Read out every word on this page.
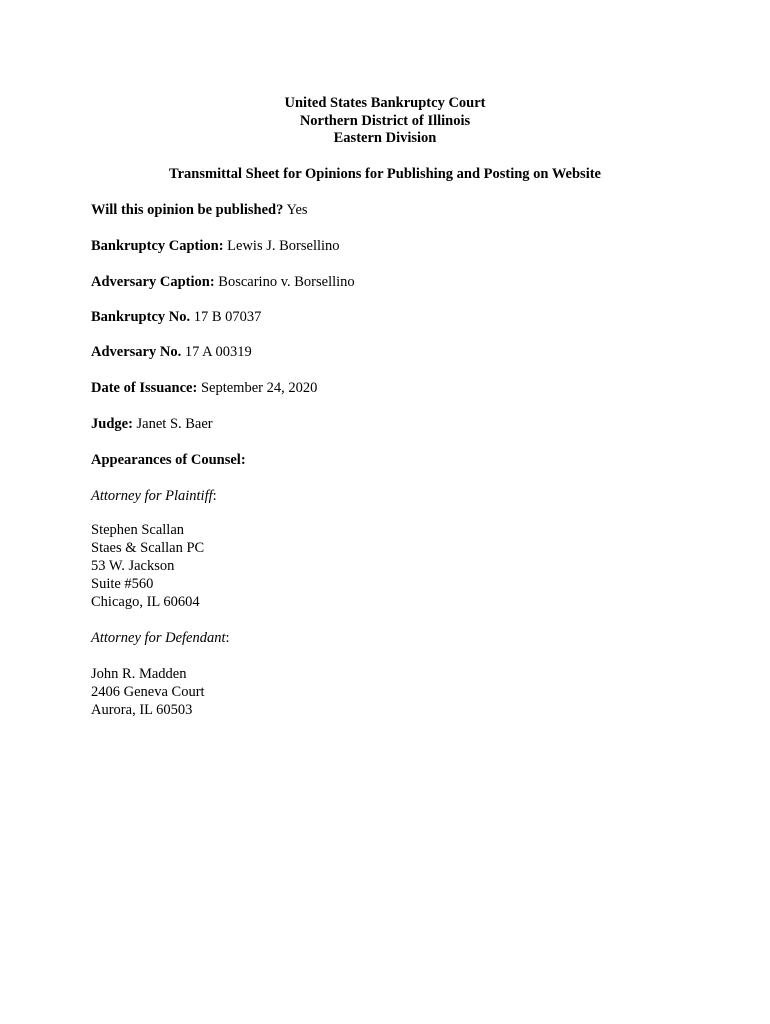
United States Bankruptcy Court
Northern District of Illinois
Eastern Division
Transmittal Sheet for Opinions for Publishing and Posting on Website
Will this opinion be published? Yes
Bankruptcy Caption: Lewis J. Borsellino
Adversary Caption: Boscarino v. Borsellino
Bankruptcy No. 17 B 07037
Adversary No. 17 A 00319
Date of Issuance: September 24, 2020
Judge: Janet S. Baer
Appearances of Counsel:
Attorney for Plaintiff:
Stephen Scallan
Staes & Scallan PC
53 W. Jackson
Suite #560
Chicago, IL 60604
Attorney for Defendant:
John R. Madden
2406 Geneva Court
Aurora, IL 60503
